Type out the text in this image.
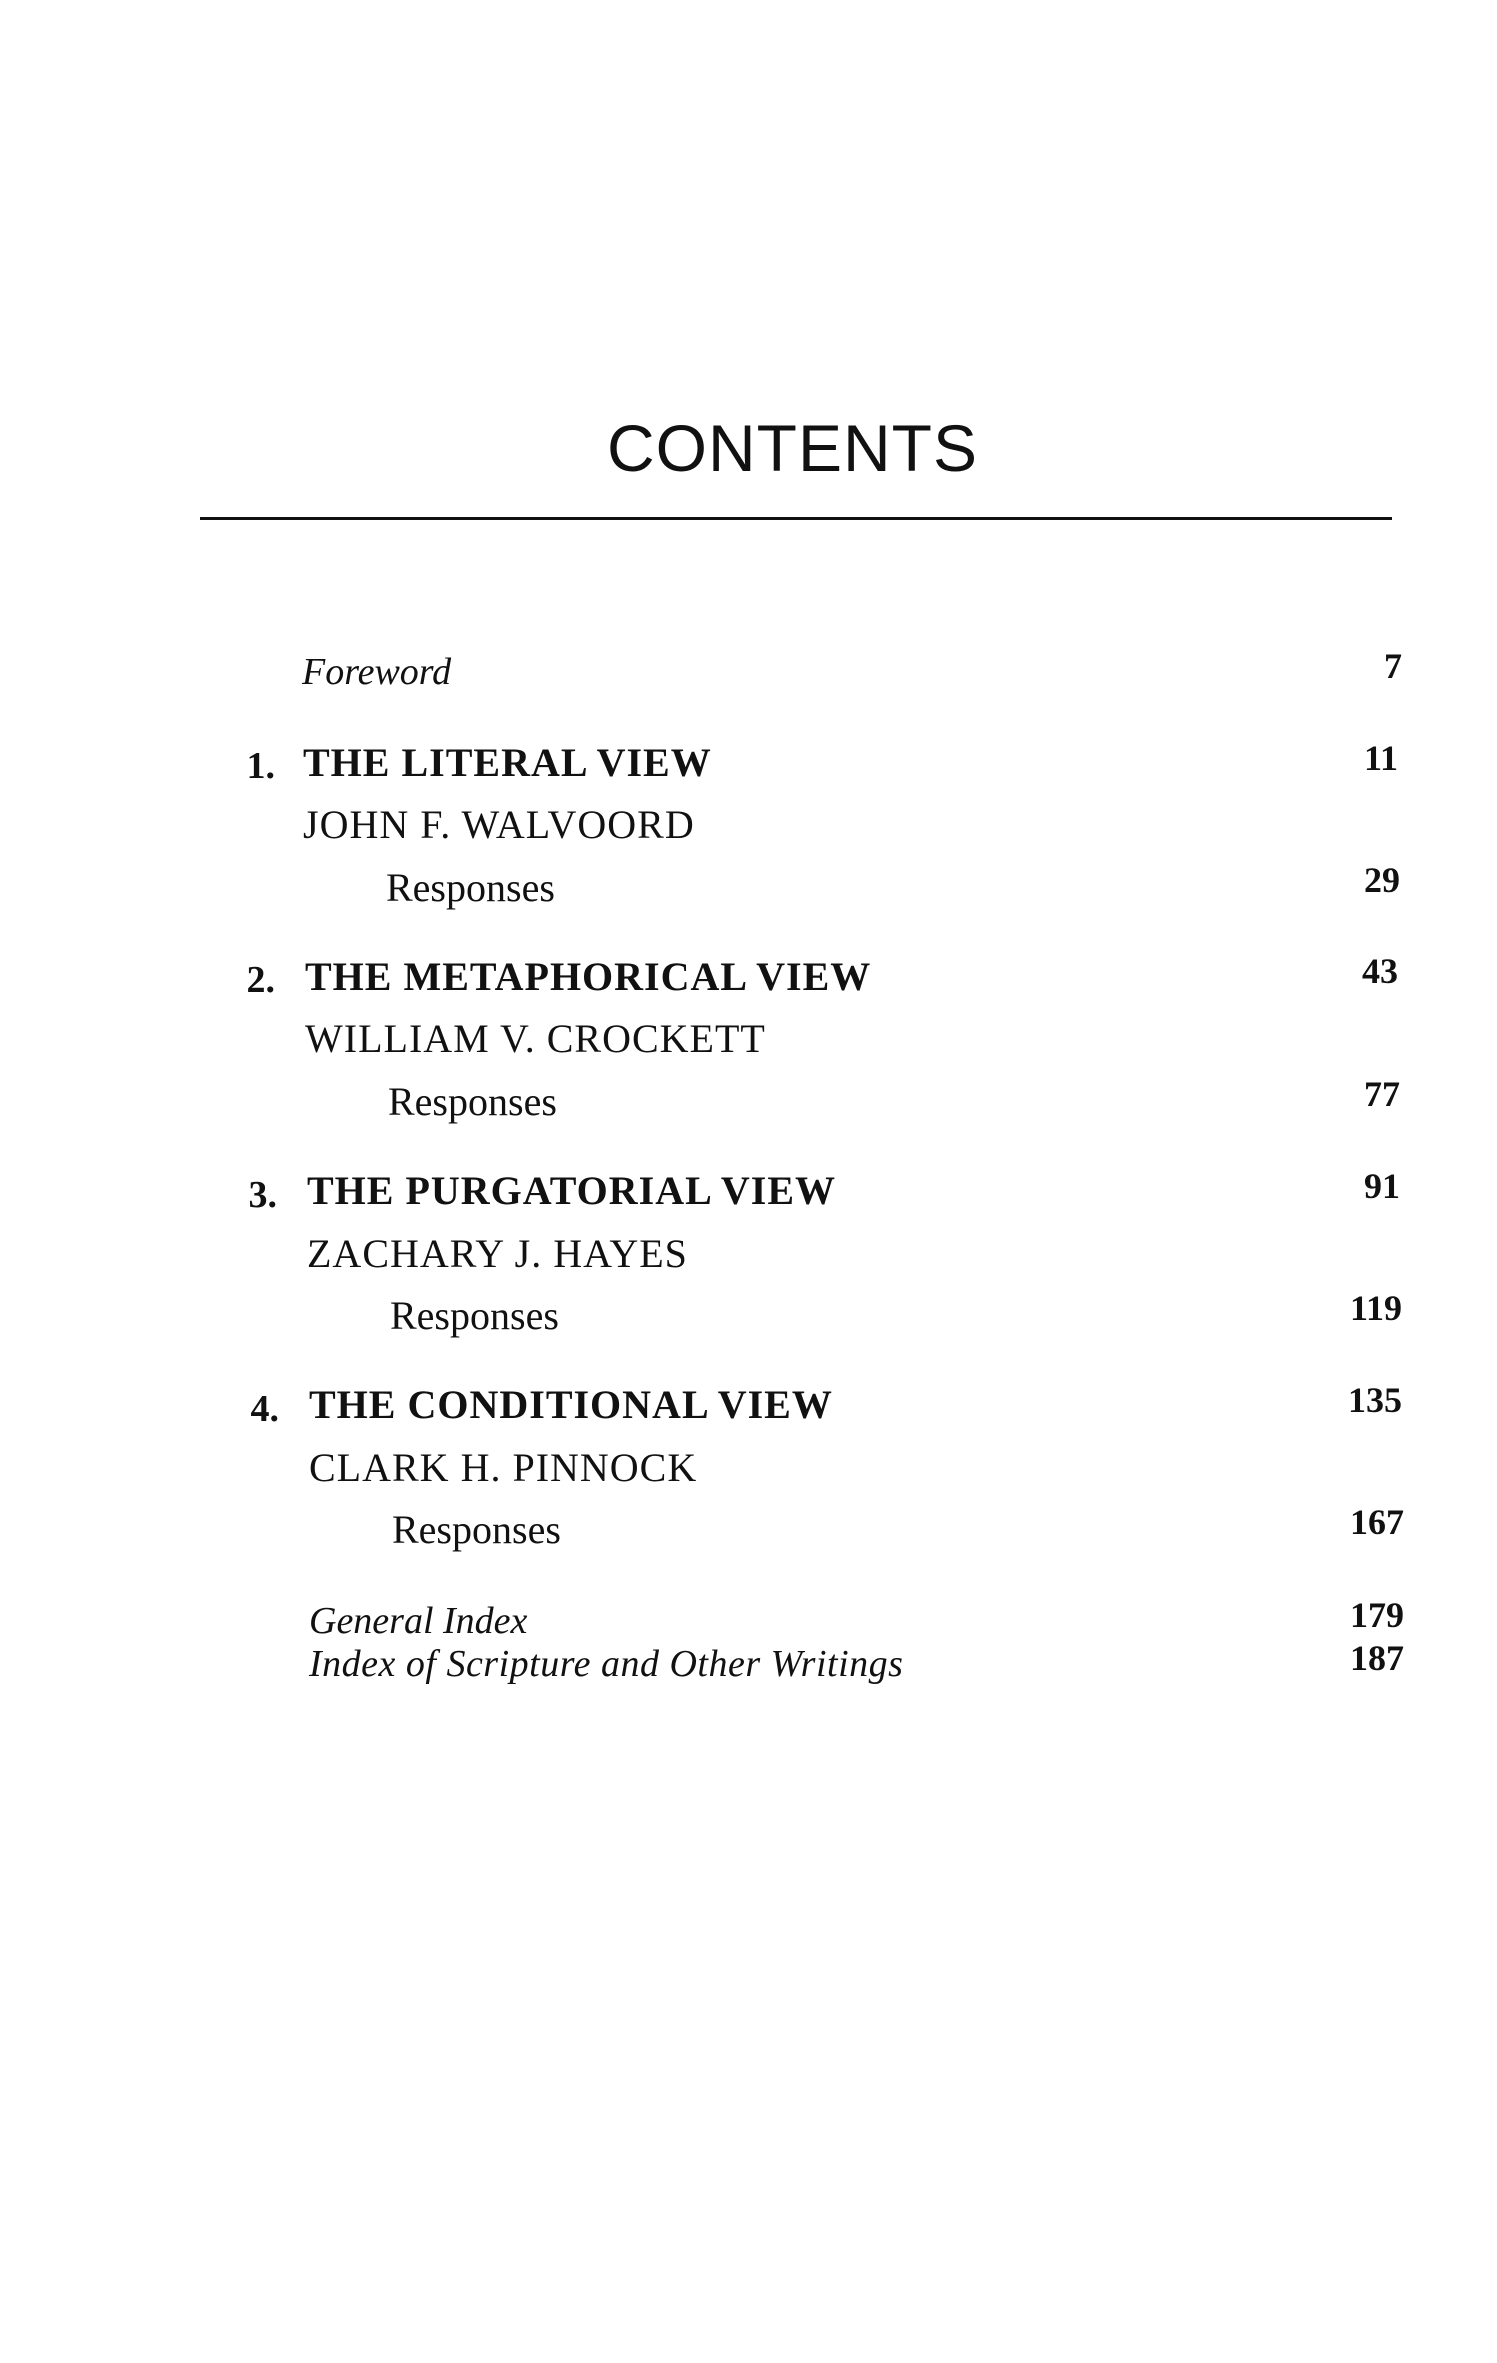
CONTENTS
Foreword	7
1. THE LITERAL VIEW	11
JOHN F. WALVOORD
Responses	29
2. THE METAPHORICAL VIEW	43
WILLIAM V. CROCKETT
Responses	77
3. THE PURGATORIAL VIEW	91
ZACHARY J. HAYES
Responses	119
4. THE CONDITIONAL VIEW	135
CLARK H. PINNOCK
Responses	167
General Index	179
Index of Scripture and Other Writings	187
